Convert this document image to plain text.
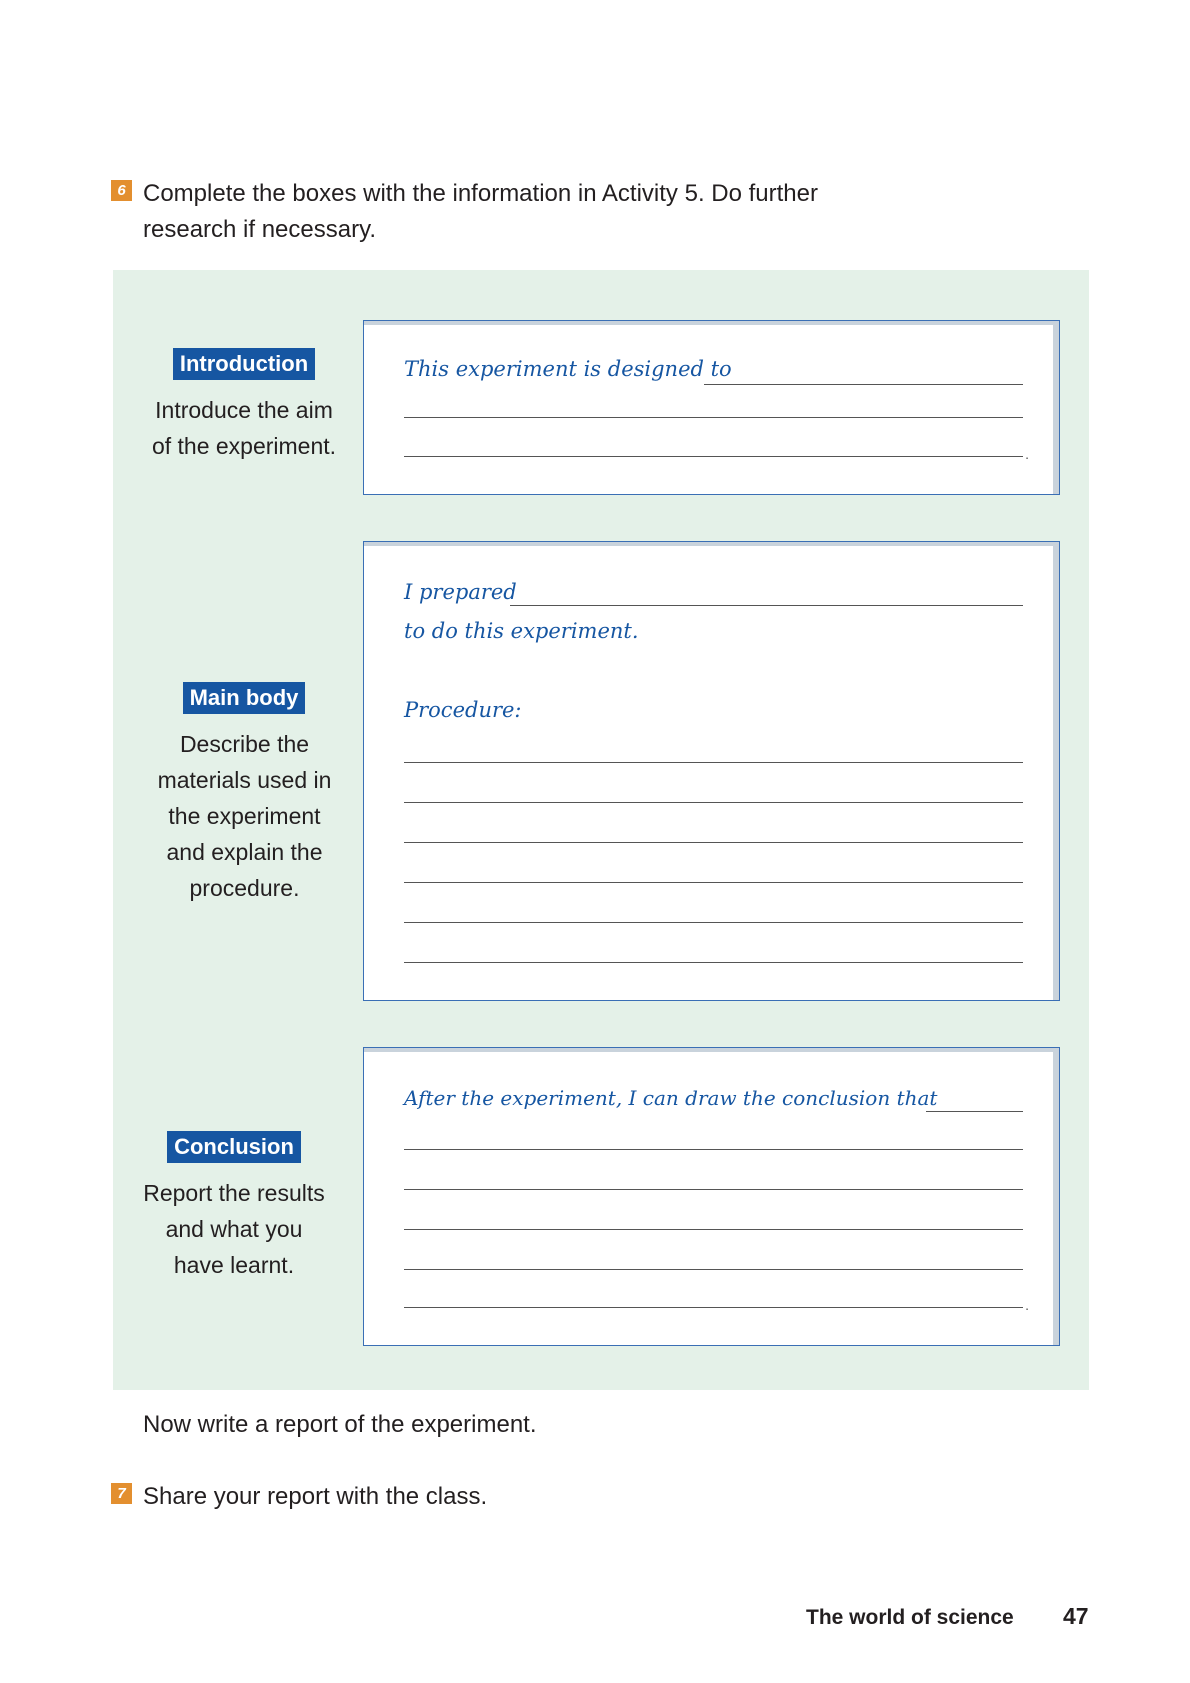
6 Complete the boxes with the information in Activity 5. Do further research if necessary.
Introduction
Introduce the aim of the experiment.
This experiment is designed to
.
Main body
Describe the materials used in the experiment and explain the procedure.
I prepared
to do this experiment.
Procedure:
Conclusion
Report the results and what you have learnt.
After the experiment, I can draw the conclusion that
.
Now write a report of the experiment.
7 Share your report with the class.
The world of science 47
